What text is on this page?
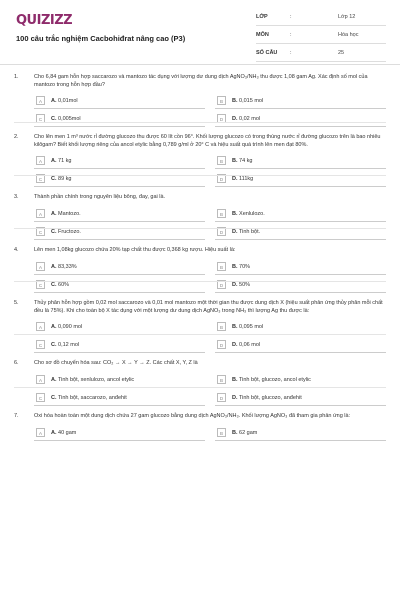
QUIZIZZ
100 câu trắc nghiệm Cacbohiđrat nâng cao (P3)
LỚP	:	Lớp 12
MÔN	:	Hóa học
SỐ CÂU :	25
1.	Cho 6,84 gam hỗn hợp saccarozo và mantozo tác dụng với lượng dư dung dịch AgNO₃/NH₃ thu được 1,08 gam Ag. Xác định số mol của mantozo trong hỗn hợp đầu?
A	A. 0,01mol	B	B. 0,015 mol
C	C. 0,005mol	D	D. 0,02 mol
2.	Cho lên men 1 m³ nước rỉ đường glucozo thu được 60 lít cồn 96°. Khối lượng glucozo có trong thùng nước rỉ đường glucozo trên là bao nhiêu kilôgam? Biết khối lượng riêng của ancol etylic bằng 0,789 g/ml ở 20° C và hiệu suất quá trình lên men đạt 80%.
A	A. 71 kg	B	B. 74 kg
C	C. 89 kg	D	D. 111kg
3.	Thành phần chính trong nguyên liệu bông, đay, gai là.
A	A. Mantozo.	B	B. Xenlulozo.
C	C. Fructozo.	D	D. Tinh bột.
4.	Lên men 1,08kg glucozo chứa 20% tạp chất thu được 0,368 kg rượu. Hiệu suất là:
A	A. 83,33%	B	B. 70%
C	C. 60%	D	D. 50%
5.	Thủy phân hỗn hợp gồm 0,02 mol saccarozo và 0,01 mol mantozo một thời gian thu được dung dịch X (hiệu suất phản ứng thủy phân mỗi chất đều là 75%). Khi cho toàn bộ X tác dụng với một lượng dư dung dịch AgNO₃ trong NH₃ thì lượng Ag thu được là:
A	A. 0,090 mol	B	B. 0,095 mol
C	C. 0,12 mol	D	D. 0,06 mol
6.	Cho sơ đồ chuyển hóa sau: CO₂ → X → Y → Z. Các chất X, Y, Z là
A	A. Tinh bột, xenlulozo, ancol etylic	B	B. Tinh bột, glucozo, ancol etylic
C	C. Tinh bột, saccarozo, anđehit	D	D. Tinh bột, glucozo, anđehit
7.	Oxi hóa hoàn toàn một dung dịch chứa 27 gam glucozo bằng dung dịch AgNO₃/NH₃. Khối lượng AgNO₃ đã tham gia phản ứng là:
A	A. 40 gam	B	B. 62 gam
